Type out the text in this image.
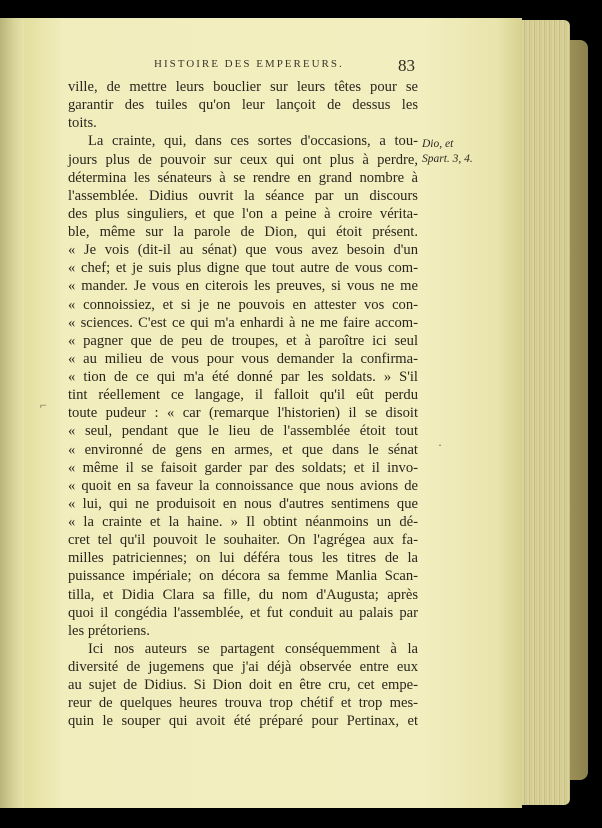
HISTOIRE DES EMPEREURS.	83
Dio, et
Spart. 3, 4.
ville, de mettre leurs bouclier sur leurs têtes pour se
garantir des tuiles qu'on leur lançoit de dessus les
toits.
La crainte, qui, dans ces sortes d'occasions, a tou-
jours plus de pouvoir sur ceux qui ont plus à perdre,
détermina les sénateurs à se rendre en grand nombre à
l'assemblée. Didius ouvrit la séance par un discours
des plus singuliers, et que l'on a peine à croire vérita-
ble, même sur la parole de Dion, qui étoit présent.
« Je vois (dit-il au sénat) que vous avez besoin d'un
« chef; et je suis plus digne que tout autre de vous com-
« mander. Je vous en citerois les preuves, si vous ne me
« connoissiez, et si je ne pouvois en attester vos con-
« sciences. C'est ce qui m'a enhardi à ne me faire accom-
« pagner que de peu de troupes, et à paroître ici seul
« au milieu de vous pour vous demander la confirma-
« tion de ce qui m'a été donné par les soldats. » S'il
tint réellement ce langage, il falloit qu'il eût perdu
toute pudeur : « car (remarque l'historien) il se disoit
« seul, pendant que le lieu de l'assemblée étoit tout
« environné de gens en armes, et que dans le sénat
« même il se faisoit garder par des soldats; et il invo-
« quoit en sa faveur la connoissance que nous avions de
« lui, qui ne produisoit en nous d'autres sentimens que
« la crainte et la haine. » Il obtint néanmoins un dé-
cret tel qu'il pouvoit le souhaiter. On l'agrégea aux fa-
milles patriciennes; on lui déféra tous les titres de la
puissance impériale; on décora sa femme Manlia Scan-
tilla, et Didia Clara sa fille, du nom d'Augusta; après
quoi il congédia l'assemblée, et fut conduit au palais par
les prétoriens.
Ici nos auteurs se partagent conséquemment à la
diversité de jugemens que j'ai déjà observée entre eux
au sujet de Didius. Si Dion doit en être cru, cet empe-
reur de quelques heures trouva trop chétif et trop mes-
quin le souper qui avoit été préparé pour Pertinax, et
⌐
·
